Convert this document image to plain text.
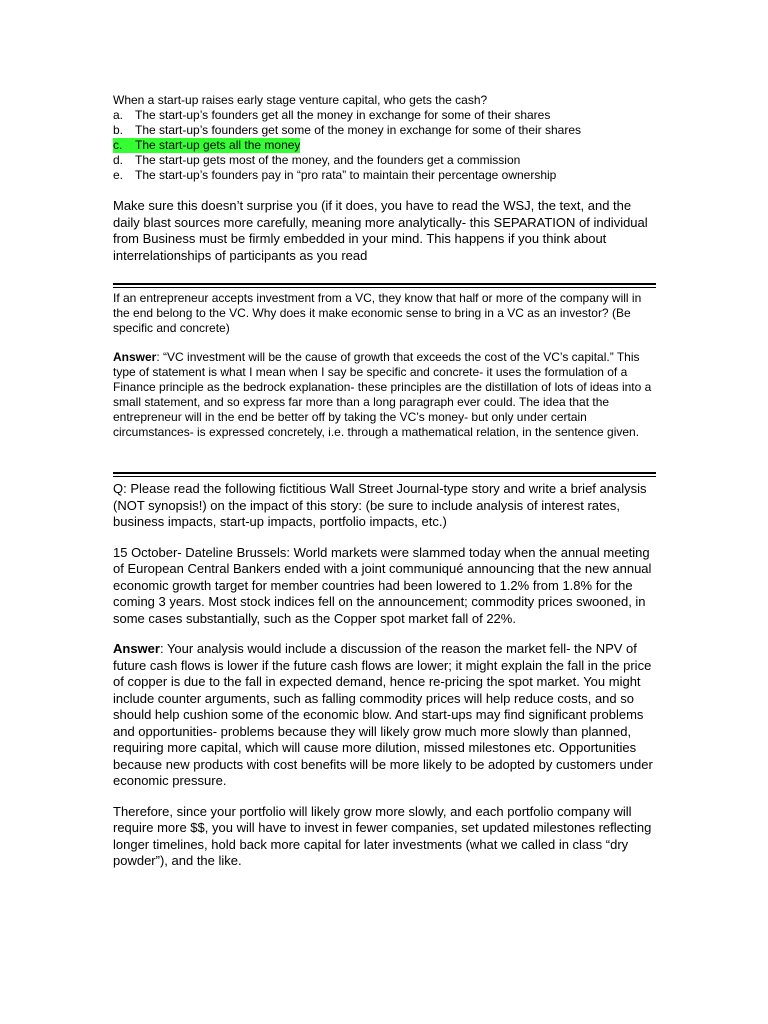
When a start-up raises early stage venture capital, who gets the cash?

a. The start-up’s founders get all the money in exchange for some of their shares
b. The start-up’s founders get some of the money in exchange for some of their shares
c.	The start-up gets all the money
d. The start-up gets most of the money, and the founders get a commission
e. The start-up’s founders pay in “pro rata” to maintain their percentage ownership

Make sure this doesn’t surprise you (if it does, you have to read the WSJ, the text, and the daily blast sources more carefully, meaning more analytically- this SEPARATION of individual from Business must be firmly embedded in your mind. This happens if you think about interrelationships of participants as you read

If an entrepreneur accepts investment from a VC, they know that half or more of the company will in the end belong to the VC. Why does it make economic sense to bring in a VC as an investor? (Be specific and concrete)

Answer: “VC investment will be the cause of growth that exceeds the cost of the VC’s capital.” This type of statement is what I mean when I say be specific and concrete- it uses the formulation of a Finance principle as the bedrock explanation- these principles are the distillation of lots of ideas into a small statement, and so express far more than a long paragraph ever could. The idea that the entrepreneur will in the end be better off by taking the VC’s money- but only under certain circumstances- is expressed concretely, i.e. through a mathematical relation, in the sentence given.

Q: Please read the following fictitious Wall Street Journal-type story and write a brief analysis (NOT synopsis!) on the impact of this story: (be sure to include analysis of interest rates, business impacts, start-up impacts, portfolio impacts, etc.)

15 October- Dateline Brussels: World markets were slammed today when the annual meeting of European Central Bankers ended with a joint communiqué announcing that the new annual economic growth target for member countries had been lowered to 1.2% from 1.8% for the coming 3 years. Most stock indices fell on the announcement; commodity prices swooned, in some cases substantially, such as the Copper spot market fall of 22%.

Answer: Your analysis would include a discussion of the reason the market fell- the NPV of future cash flows is lower if the future cash flows are lower; it might explain the fall in the price of copper is due to the fall in expected demand, hence re-pricing the spot market. You might include counter arguments, such as falling commodity prices will help reduce costs, and so should help cushion some of the economic blow. And start-ups may find significant problems and opportunities- problems because they will likely grow much more slowly than planned, requiring more capital, which will cause more dilution, missed milestones etc. Opportunities because new products with cost benefits will be more likely to be adopted by customers under economic pressure.

Therefore, since your portfolio will likely grow more slowly, and each portfolio company will require more $$, you will have to invest in fewer companies, set updated milestones reflecting longer timelines, hold back more capital for later investments (what we called in class “dry powder”), and the like.
